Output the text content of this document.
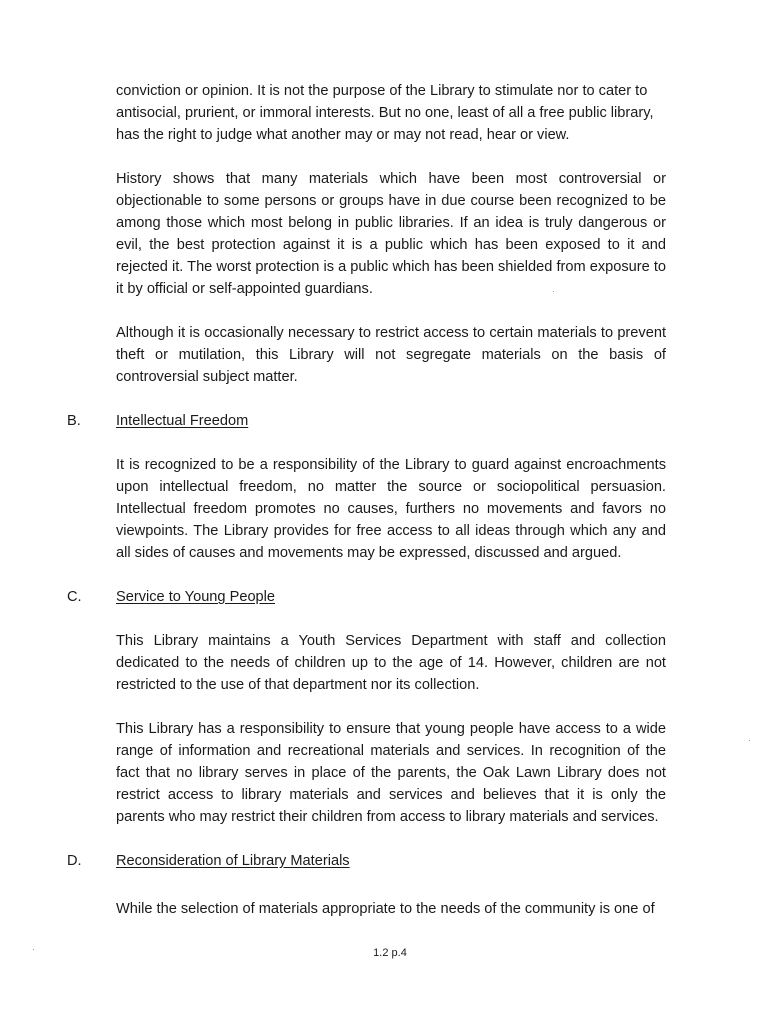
conviction or opinion. It is not the purpose of the Library to stimulate nor to cater to antisocial, prurient, or immoral interests. But no one, least of all a free public library, has the right to judge what another may or may not read, hear or view.

History shows that many materials which have been most controversial or objectionable to some persons or groups have in due course been recognized to be among those which most belong in public libraries. If an idea is truly dangerous or evil, the best protection against it is a public which has been exposed to it and rejected it. The worst protection is a public which has been shielded from exposure to it by official or self-appointed guardians.

Although it is occasionally necessary to restrict access to certain materials to prevent theft or mutilation, this Library will not segregate materials on the basis of controversial subject matter.

B. Intellectual Freedom

It is recognized to be a responsibility of the Library to guard against encroachments upon intellectual freedom, no matter the source or sociopolitical persuasion. Intellectual freedom promotes no causes, furthers no movements and favors no viewpoints. The Library provides for free access to all ideas through which any and all sides of causes and movements may be expressed, discussed and argued.

C. Service to Young People

This Library maintains a Youth Services Department with staff and collection dedicated to the needs of children up to the age of 14. However, children are not restricted to the use of that department nor its collection.

This Library has a responsibility to ensure that young people have access to a wide range of information and recreational materials and services. In recognition of the fact that no library serves in place of the parents, the Oak Lawn Library does not restrict access to library materials and services and believes that it is only the parents who may restrict their children from access to library materials and services.

D. Reconsideration of Library Materials

While the selection of materials appropriate to the needs of the community is one of

1.2 p.4
·
·
·
